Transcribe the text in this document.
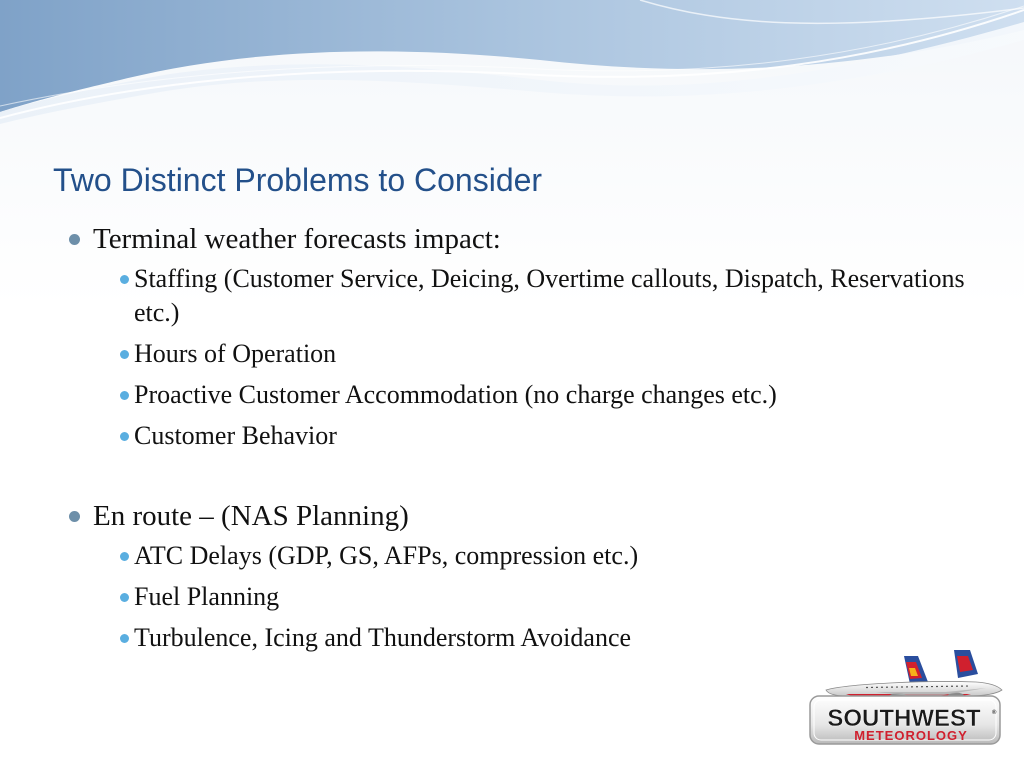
Two Distinct Problems to Consider
Terminal weather forecasts impact:
Staffing (Customer Service, Deicing, Overtime callouts, Dispatch, Reservations etc.)
Hours of Operation
Proactive Customer Accommodation (no charge changes etc.)
Customer Behavior
En route – (NAS Planning)
ATC Delays (GDP, GS, AFPs, compression etc.)
Fuel Planning
Turbulence, Icing and Thunderstorm Avoidance
SOUTHWEST
METEOROLOGY
®
